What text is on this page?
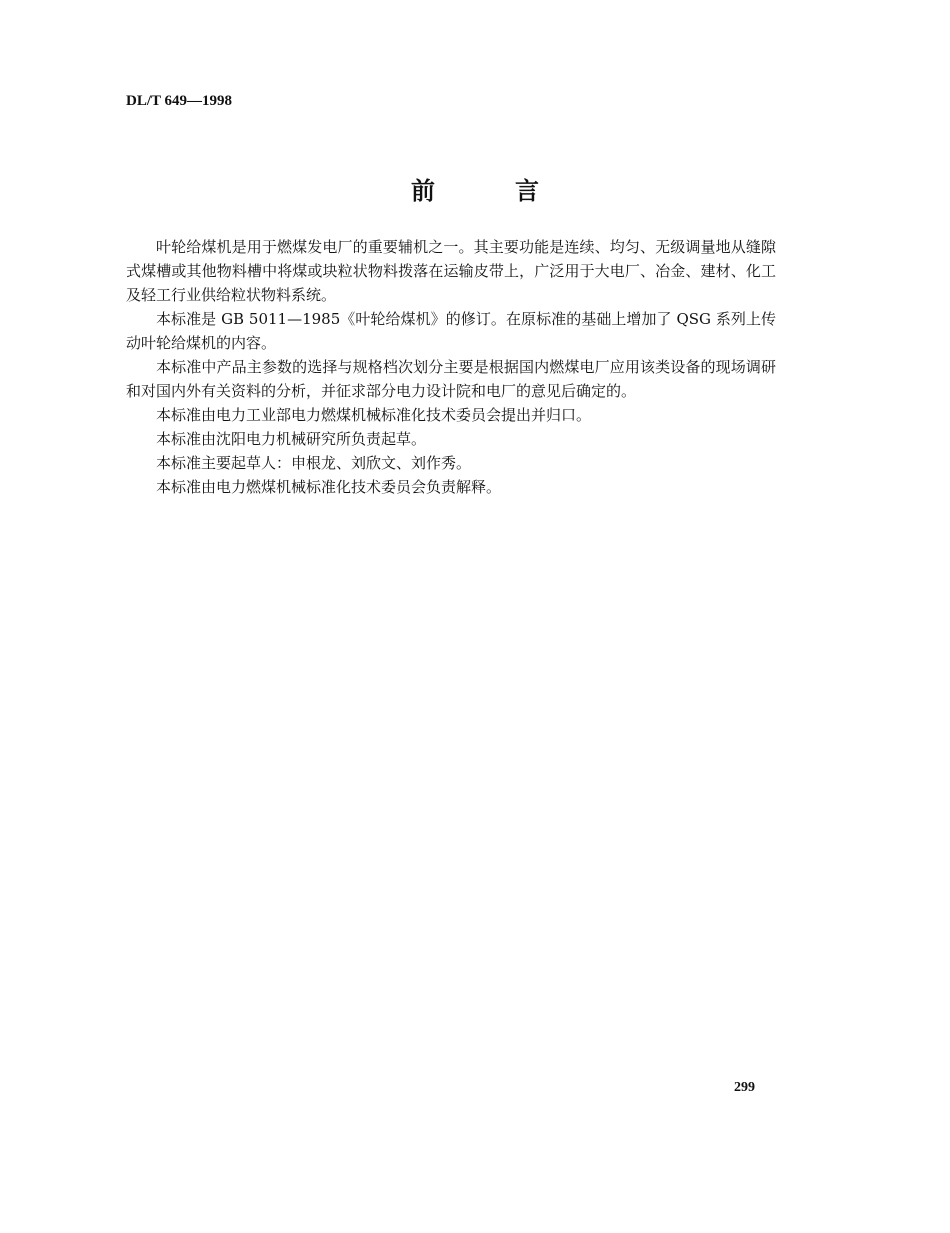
DL/T 649—1998
前言

叶轮给煤机是用于燃煤发电厂的重要辅机之一。其主要功能是连续、均匀、无级调量地从缝隙式煤槽或其他物料槽中将煤或块粒状物料拨落在运输皮带上，广泛用于大电厂、冶金、建材、化工及轻工行业供给粒状物料系统。

本标准是 GB 5011—1985《叶轮给煤机》的修订。在原标准的基础上增加了 QSG 系列上传动叶轮给煤机的内容。

本标准中产品主参数的选择与规格档次划分主要是根据国内燃煤电厂应用该类设备的现场调研和对国内外有关资料的分析，并征求部分电力设计院和电厂的意见后确定的。

本标准由电力工业部电力燃煤机械标准化技术委员会提出并归口。

本标准由沈阳电力机械研究所负责起草。

本标准主要起草人：申根龙、刘欣文、刘作秀。

本标准由电力燃煤机械标准化技术委员会负责解释。

299
